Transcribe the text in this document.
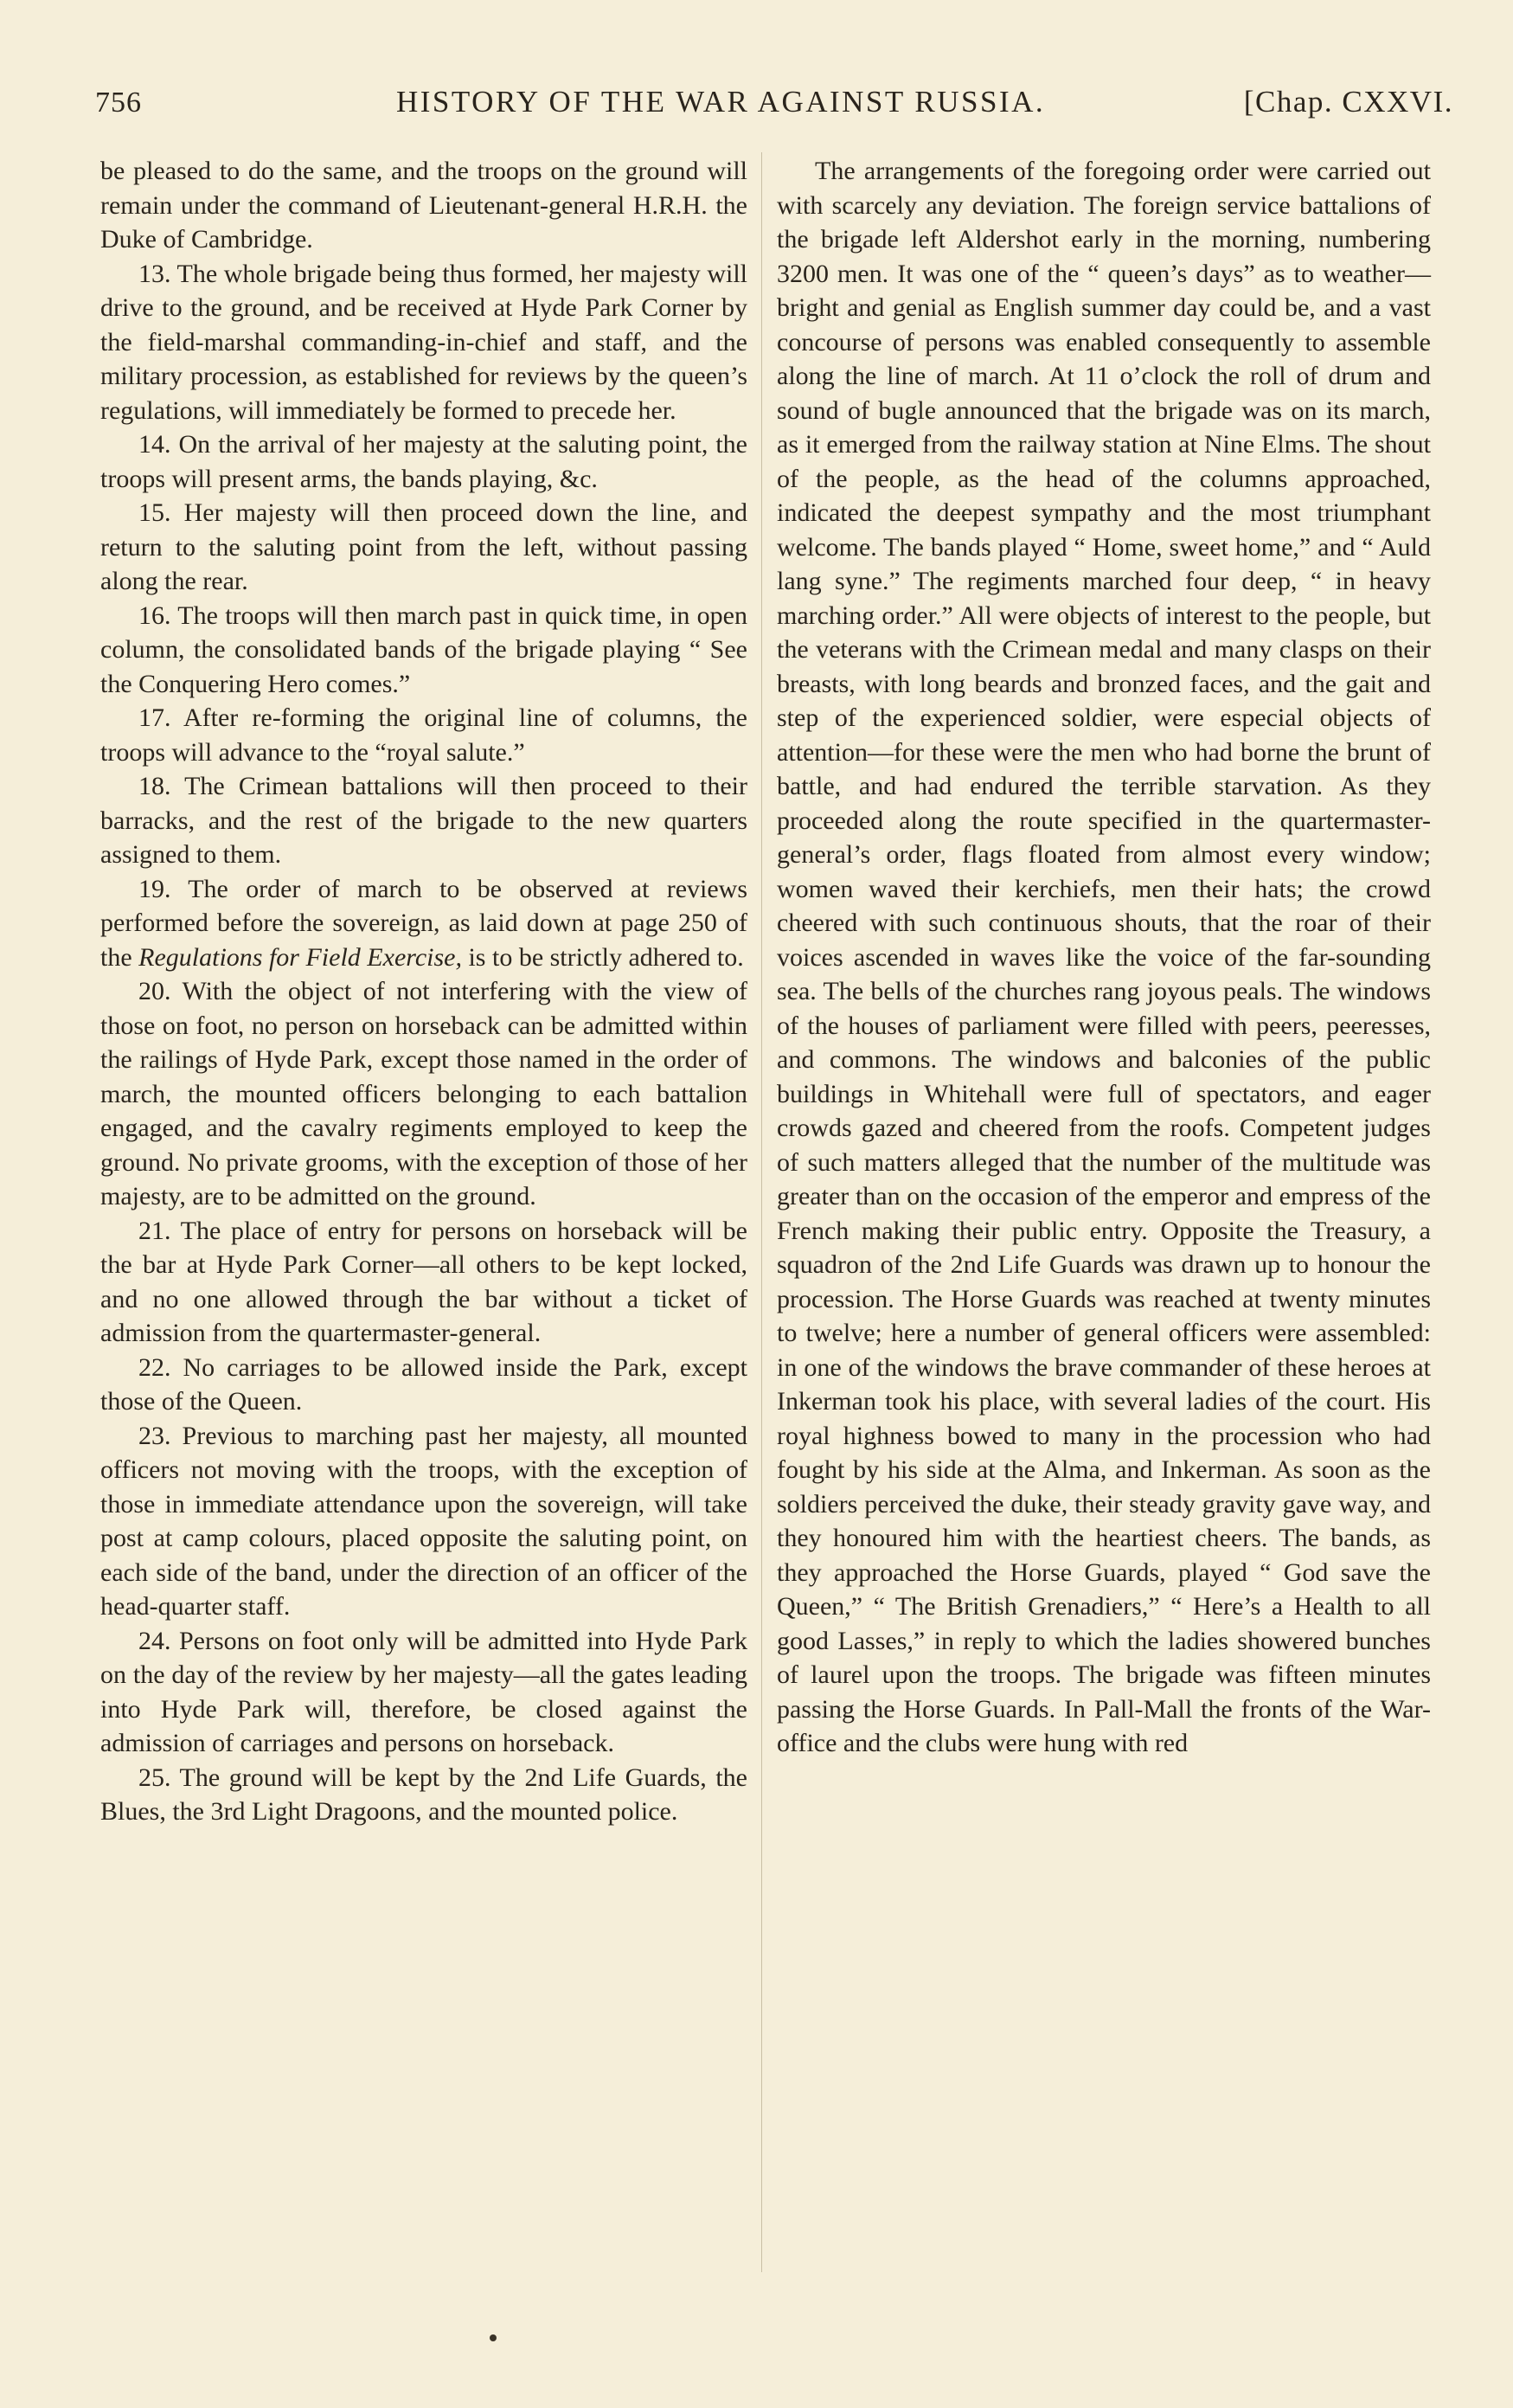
756	HISTORY OF THE WAR AGAINST RUSSIA.	[Chap. CXXVI.

be pleased to do the same, and the troops on the ground will remain under the command of Lieutenant-general H.R.H. the Duke of Cambridge.

13. The whole brigade being thus formed, her majesty will drive to the ground, and be received at Hyde Park Corner by the field-marshal commanding-in-chief and staff, and the military procession, as established for reviews by the queen’s regulations, will immediately be formed to precede her.

14. On the arrival of her majesty at the saluting point, the troops will present arms, the bands playing, &c.

15. Her majesty will then proceed down the line, and return to the saluting point from the left, without passing along the rear.

16. The troops will then march past in quick time, in open column, the consolidated bands of the brigade playing “ See the Conquering Hero comes.”

17. After re-forming the original line of columns, the troops will advance to the “royal salute.”

18. The Crimean battalions will then proceed to their barracks, and the rest of the brigade to the new quarters assigned to them.

19. The order of march to be observed at reviews performed before the sovereign, as laid down at page 250 of the Regulations for Field Exercise, is to be strictly adhered to.

20. With the object of not interfering with the view of those on foot, no person on horseback can be admitted within the railings of Hyde Park, except those named in the order of march, the mounted officers belonging to each battalion engaged, and the cavalry regiments employed to keep the ground. No private grooms, with the exception of those of her majesty, are to be admitted on the ground.

21. The place of entry for persons on horseback will be the bar at Hyde Park Corner—all others to be kept locked, and no one allowed through the bar without a ticket of admission from the quartermaster-general.

22. No carriages to be allowed inside the Park, except those of the Queen.

23. Previous to marching past her majesty, all mounted officers not moving with the troops, with the exception of those in immediate attendance upon the sovereign, will take post at camp colours, placed opposite the saluting point, on each side of the band, under the direction of an officer of the head-quarter staff.

24. Persons on foot only will be admitted into Hyde Park on the day of the review by her majesty—all the gates leading into Hyde Park will, therefore, be closed against the admission of carriages and persons on horseback.

25. The ground will be kept by the 2nd Life Guards, the Blues, the 3rd Light Dragoons, and the mounted police.

The arrangements of the foregoing order were carried out with scarcely any deviation. The foreign service battalions of the brigade left Aldershot early in the morning, numbering 3200 men. It was one of the “ queen’s days” as to weather—bright and genial as English summer day could be, and a vast concourse of persons was enabled consequently to assemble along the line of march. At 11 o’clock the roll of drum and sound of bugle announced that the brigade was on its march, as it emerged from the railway station at Nine Elms. The shout of the people, as the head of the columns approached, indicated the deepest sympathy and the most triumphant welcome. The bands played “ Home, sweet home,” and “ Auld lang syne.” The regiments marched four deep, “ in heavy marching order.” All were objects of interest to the people, but the veterans with the Crimean medal and many clasps on their breasts, with long beards and bronzed faces, and the gait and step of the experienced soldier, were especial objects of attention—for these were the men who had borne the brunt of battle, and had endured the terrible starvation. As they proceeded along the route specified in the quartermaster-general’s order, flags floated from almost every window; women waved their kerchiefs, men their hats; the crowd cheered with such continuous shouts, that the roar of their voices ascended in waves like the voice of the far-sounding sea. The bells of the churches rang joyous peals. The windows of the houses of parliament were filled with peers, peeresses, and commons. The windows and balconies of the public buildings in Whitehall were full of spectators, and eager crowds gazed and cheered from the roofs. Competent judges of such matters alleged that the number of the multitude was greater than on the occasion of the emperor and empress of the French making their public entry. Opposite the Treasury, a squadron of the 2nd Life Guards was drawn up to honour the procession. The Horse Guards was reached at twenty minutes to twelve; here a number of general officers were assembled: in one of the windows the brave commander of these heroes at Inkerman took his place, with several ladies of the court. His royal highness bowed to many in the procession who had fought by his side at the Alma, and Inkerman. As soon as the soldiers perceived the duke, their steady gravity gave way, and they honoured him with the heartiest cheers. The bands, as they approached the Horse Guards, played “ God save the Queen,” “ The British Grenadiers,” “ Here’s a Health to all good Lasses,” in reply to which the ladies showered bunches of laurel upon the troops. The brigade was fifteen minutes passing the Horse Guards. In Pall-Mall the fronts of the War-office and the clubs were hung with red
